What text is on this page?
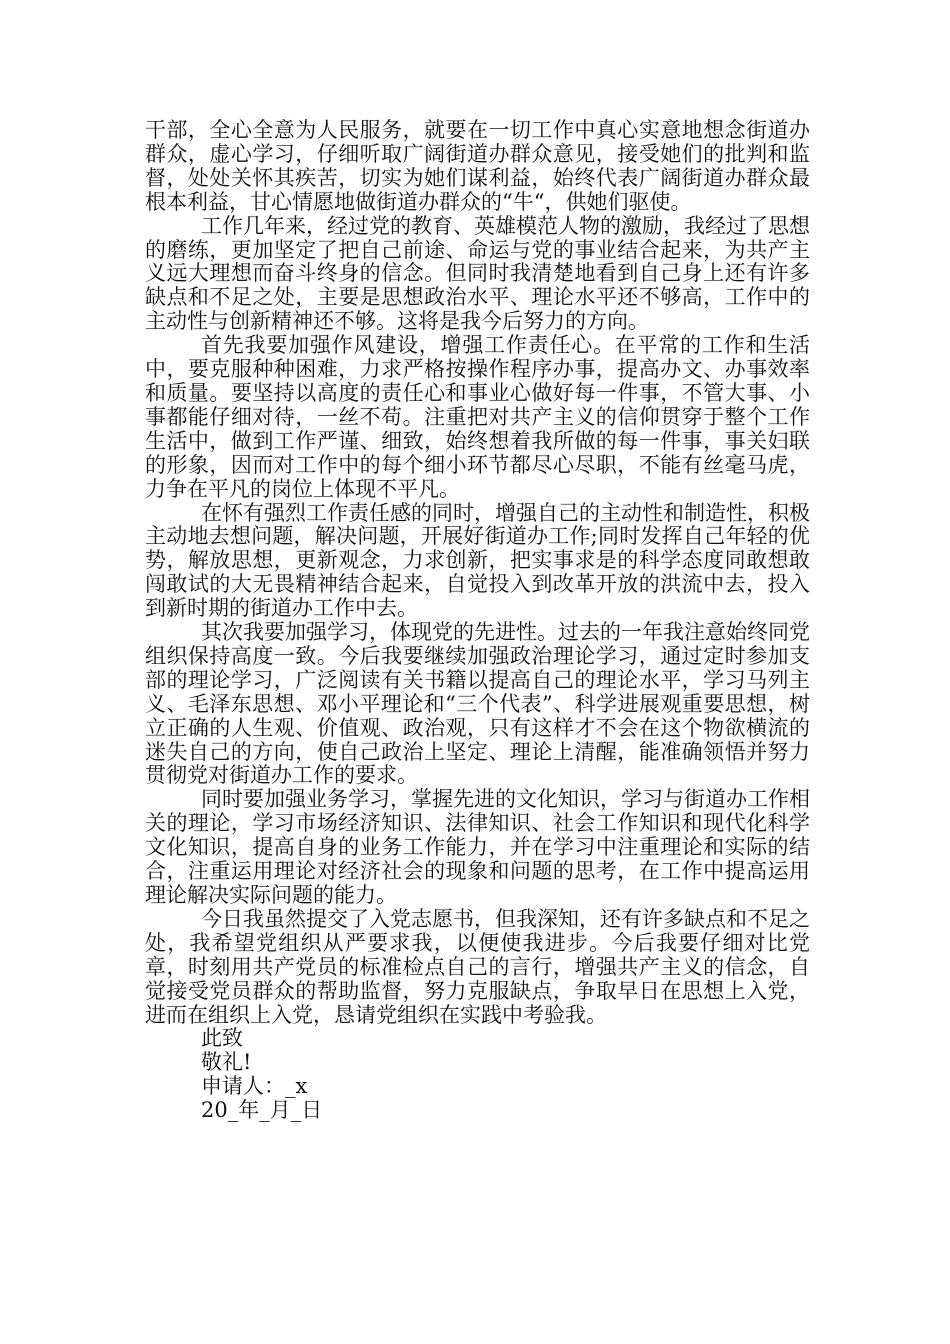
干部，全心全意为人民服务，就要在一切工作中真心实意地想念街道办群众，虚心学习，仔细听取广阔街道办群众意见，接受她们的批判和监督，处处关怀其疾苦，切实为她们谋利益，始终代表广阔街道办群众最根本利益，甘心情愿地做街道办群众的“牛“，供她们驱使。

工作几年来，经过党的教育、英雄模范人物的激励，我经过了思想的磨练，更加坚定了把自己前途、命运与党的事业结合起来，为共产主义远大理想而奋斗终身的信念。但同时我清楚地看到自己身上还有许多缺点和不足之处，主要是思想政治水平、理论水平还不够高，工作中的主动性与创新精神还不够。这将是我今后努力的方向。

首先我要加强作风建设，增强工作责任心。在平常的工作和生活中，要克服种种困难，力求严格按操作程序办事，提高办文、办事效率和质量。要坚持以高度的责任心和事业心做好每一件事，不管大事、小事都能仔细对待，一丝不苟。注重把对共产主义的信仰贯穿于整个工作生活中，做到工作严谨、细致，始终想着我所做的每一件事，事关妇联的形象，因而对工作中的每个细小环节都尽心尽职，不能有丝毫马虎，力争在平凡的岗位上体现不平凡。

在怀有强烈工作责任感的同时，增强自己的主动性和制造性，积极主动地去想问题，解决问题，开展好街道办工作;同时发挥自己年轻的优势，解放思想，更新观念，力求创新，把实事求是的科学态度同敢想敢闯敢试的大无畏精神结合起来，自觉投入到改革开放的洪流中去，投入到新时期的街道办工作中去。

其次我要加强学习，体现党的先进性。过去的一年我注意始终同党组织保持高度一致。今后我要继续加强政治理论学习，通过定时参加支部的理论学习，广泛阅读有关书籍以提高自己的理论水平，学习马列主义、毛泽东思想、邓小平理论和“三个代表”、科学进展观重要思想，树立正确的人生观、价值观、政治观，只有这样才不会在这个物欲横流的迷失自己的方向，使自己政治上坚定、理论上清醒，能准确领悟并努力贯彻党对街道办工作的要求。

同时要加强业务学习，掌握先进的文化知识，学习与街道办工作相关的理论，学习市场经济知识、法律知识、社会工作知识和现代化科学文化知识，提高自身的业务工作能力，并在学习中注重理论和实际的结合，注重运用理论对经济社会的现象和问题的思考，在工作中提高运用理论解决实际问题的能力。

今日我虽然提交了入党志愿书，但我深知，还有许多缺点和不足之处，我希望党组织从严要求我，以便使我进步。今后我要仔细对比党章，时刻用共产党员的标准检点自己的言行，增强共产主义的信念，自觉接受党员群众的帮助监督，努力克服缺点，争取早日在思想上入党，进而在组织上入党，恳请党组织在实践中考验我。

此致

敬礼!

申请人：_x

20_年_月_日
